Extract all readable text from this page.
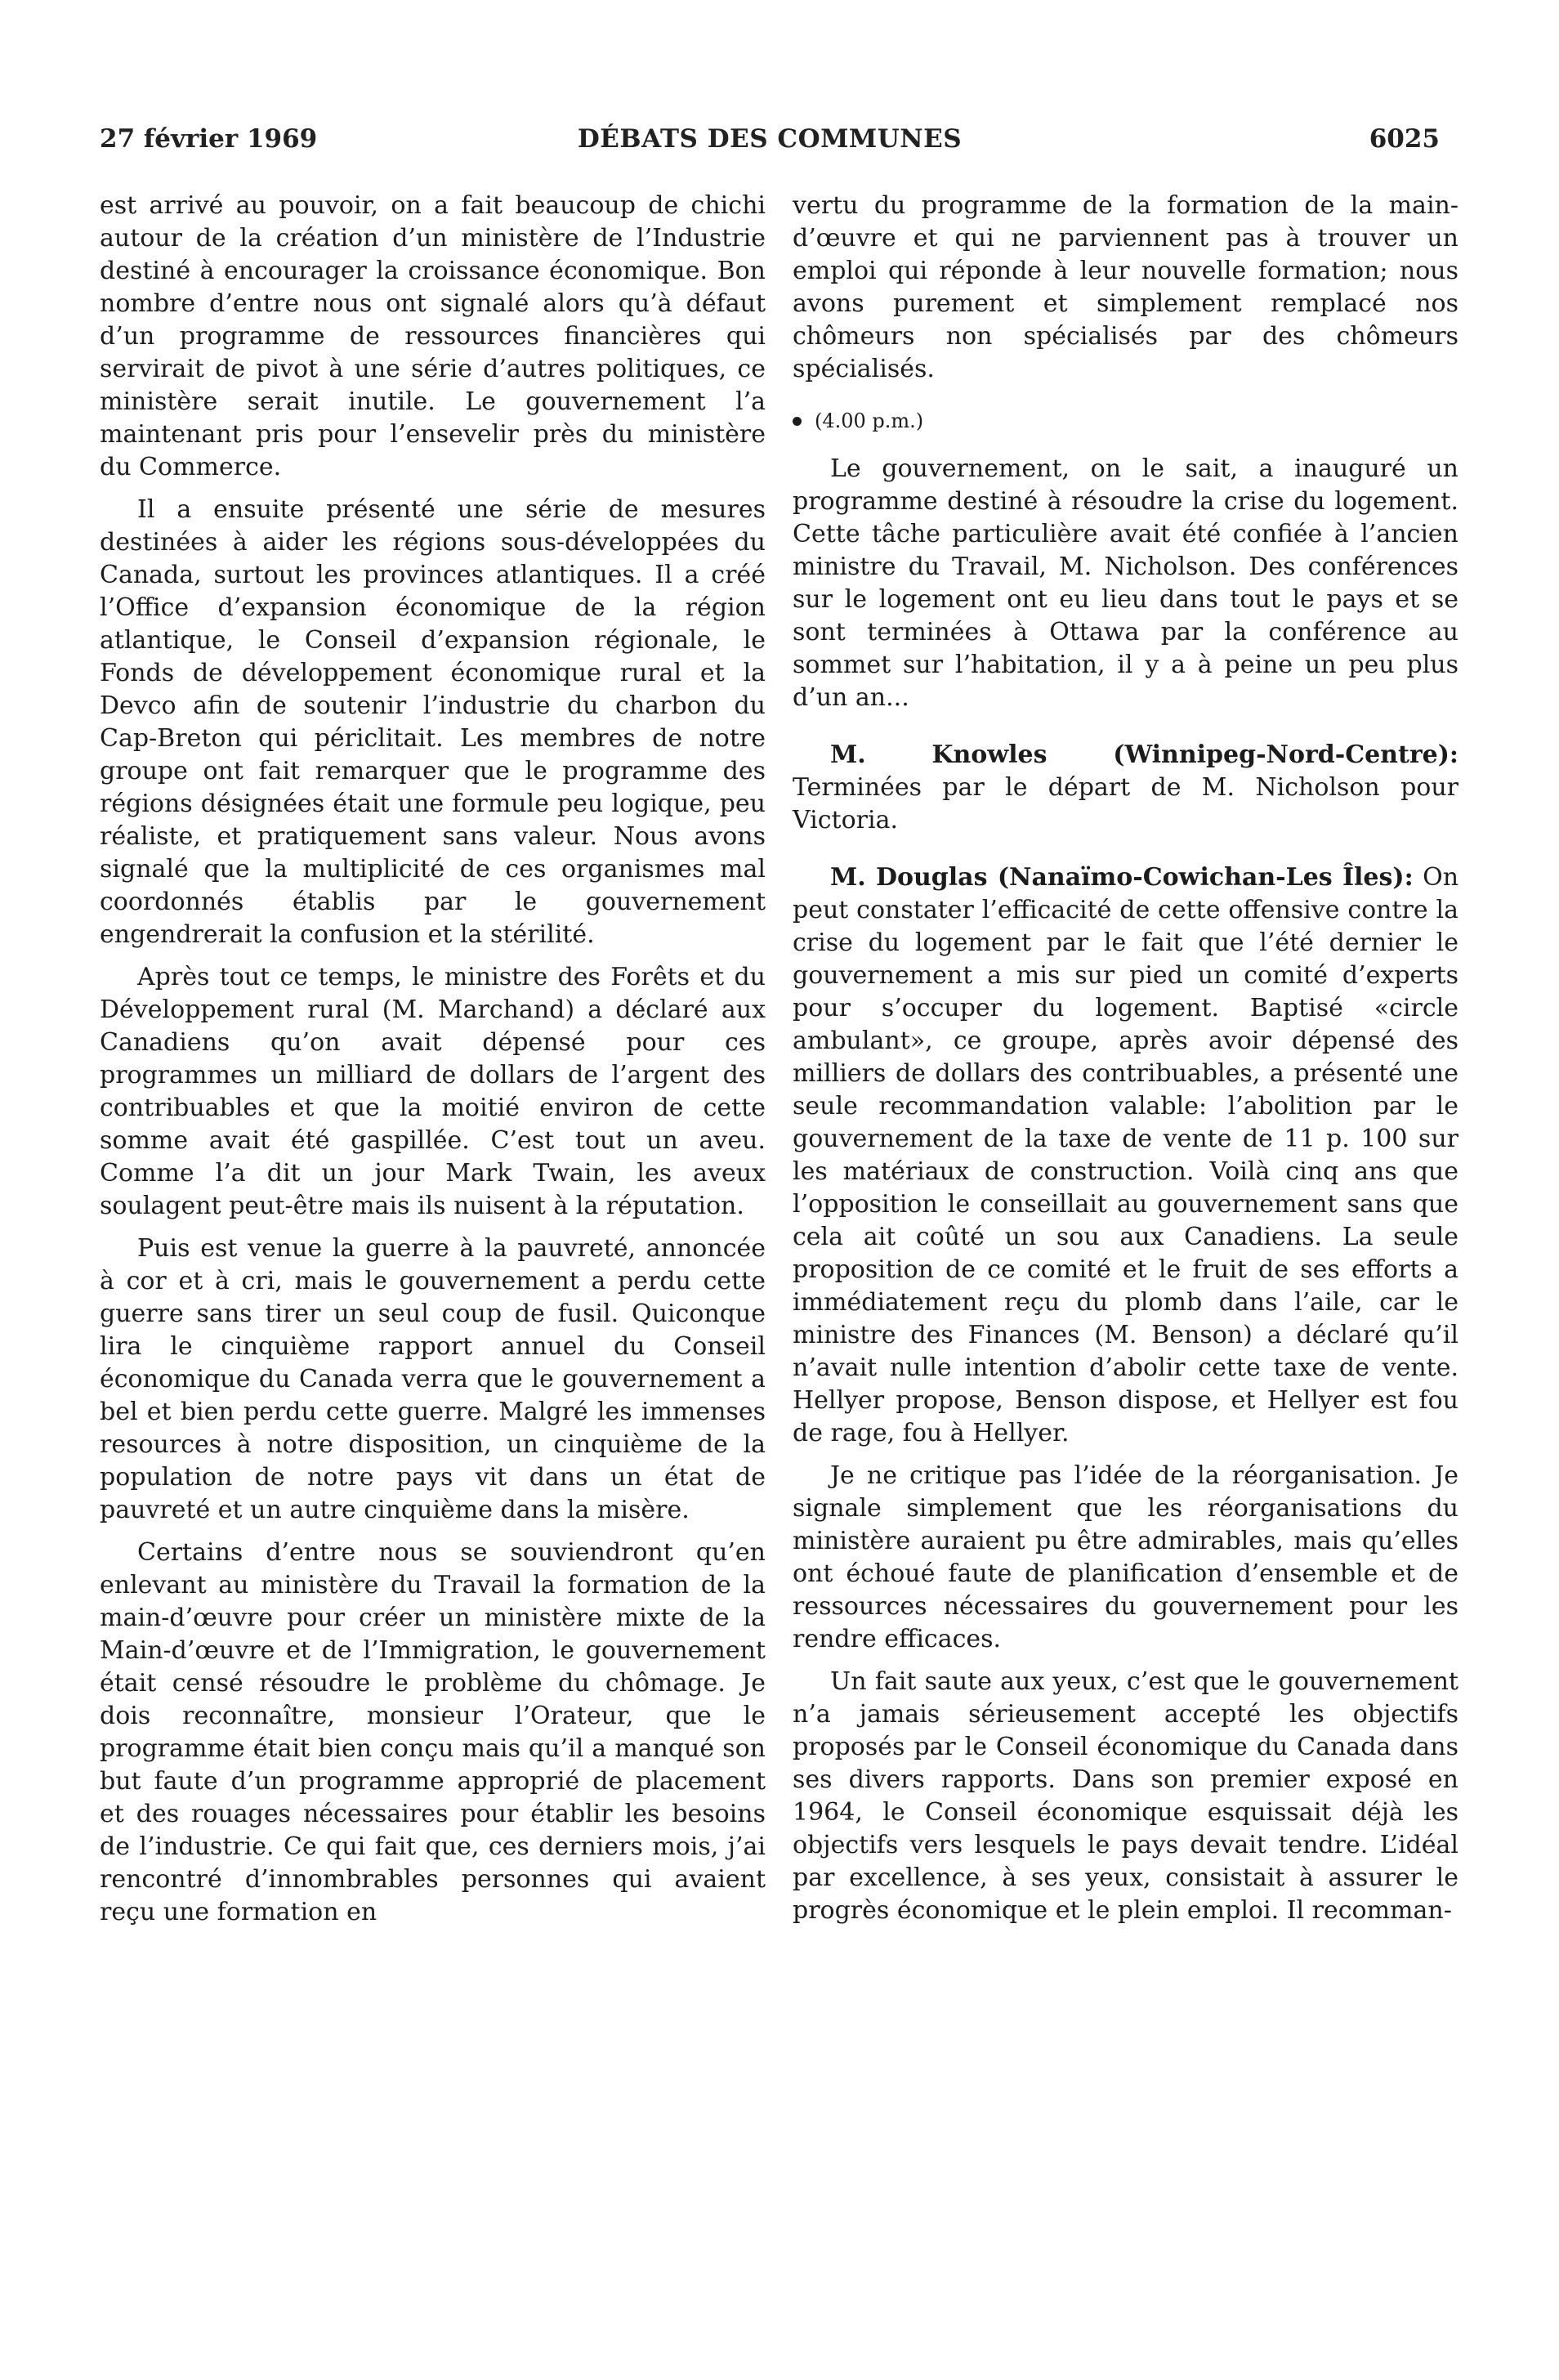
27 février 1969	DÉBATS DES COMMUNES	6025

est arrivé au pouvoir, on a fait beaucoup de chichi autour de la création d’un ministère de l’Industrie destiné à encourager la croissance économique. Bon nombre d’entre nous ont signalé alors qu’à défaut d’un programme de ressources financières qui servirait de pivot à une série d’autres politiques, ce ministère serait inutile. Le gouvernement l’a maintenant pris pour l’ensevelir près du ministère du Commerce.

Il a ensuite présenté une série de mesures destinées à aider les régions sous-développées du Canada, surtout les provinces atlantiques. Il a créé l’Office d’expansion économique de la région atlantique, le Conseil d’expansion régionale, le Fonds de développement économique rural et la Devco afin de soutenir l’industrie du charbon du Cap-Breton qui périclitait. Les membres de notre groupe ont fait remarquer que le programme des régions désignées était une formule peu logique, peu réaliste, et pratiquement sans valeur. Nous avons signalé que la multiplicité de ces organismes mal coordonnés établis par le gouvernement engendrerait la confusion et la stérilité.

Après tout ce temps, le ministre des Forêts et du Développement rural (M. Marchand) a déclaré aux Canadiens qu’on avait dépensé pour ces programmes un milliard de dollars de l’argent des contribuables et que la moitié environ de cette somme avait été gaspillée. C’est tout un aveu. Comme l’a dit un jour Mark Twain, les aveux soulagent peut-être mais ils nuisent à la réputation.

Puis est venue la guerre à la pauvreté, annoncée à cor et à cri, mais le gouvernement a perdu cette guerre sans tirer un seul coup de fusil. Quiconque lira le cinquième rapport annuel du Conseil économique du Canada verra que le gouvernement a bel et bien perdu cette guerre. Malgré les immenses resources à notre disposition, un cinquième de la population de notre pays vit dans un état de pauvreté et un autre cinquième dans la misère.

Certains d’entre nous se souviendront qu’en enlevant au ministère du Travail la formation de la main-d’œuvre pour créer un ministère mixte de la Main-d’œuvre et de l’Immigration, le gouvernement était censé résoudre le problème du chômage. Je dois reconnaître, monsieur l’Orateur, que le programme était bien conçu mais qu’il a manqué son but faute d’un programme approprié de placement et des rouages nécessaires pour établir les besoins de l’industrie. Ce qui fait que, ces derniers mois, j’ai rencontré d’innombrables personnes qui avaient reçu une formation en

vertu du programme de la formation de la main-d’œuvre et qui ne parviennent pas à trouver un emploi qui réponde à leur nouvelle formation; nous avons purement et simplement remplacé nos chômeurs non spécialisés par des chômeurs spécialisés.

(4.00 p.m.)

Le gouvernement, on le sait, a inauguré un programme destiné à résoudre la crise du logement. Cette tâche particulière avait été confiée à l’ancien ministre du Travail, M. Nicholson. Des conférences sur le logement ont eu lieu dans tout le pays et se sont terminées à Ottawa par la conférence au sommet sur l’habitation, il y a à peine un peu plus d’un an...

M. Knowles (Winnipeg-Nord-Centre): Terminées par le départ de M. Nicholson pour Victoria.

M. Douglas (Nanaïmo-Cowichan-Les Îles): On peut constater l’efficacité de cette offensive contre la crise du logement par le fait que l’été dernier le gouvernement a mis sur pied un comité d’experts pour s’occuper du logement. Baptisé «circle ambulant», ce groupe, après avoir dépensé des milliers de dollars des contribuables, a présenté une seule recommandation valable: l’abolition par le gouvernement de la taxe de vente de 11 p. 100 sur les matériaux de construction. Voilà cinq ans que l’opposition le conseillait au gouvernement sans que cela ait coûté un sou aux Canadiens. La seule proposition de ce comité et le fruit de ses efforts a immédiatement reçu du plomb dans l’aile, car le ministre des Finances (M. Benson) a déclaré qu’il n’avait nulle intention d’abolir cette taxe de vente. Hellyer propose, Benson dispose, et Hellyer est fou de rage, fou à Hellyer.

Je ne critique pas l’idée de la réorganisation. Je signale simplement que les réorganisations du ministère auraient pu être admirables, mais qu’elles ont échoué faute de planification d’ensemble et de ressources nécessaires du gouvernement pour les rendre efficaces.

Un fait saute aux yeux, c’est que le gouvernement n’a jamais sérieusement accepté les objectifs proposés par le Conseil économique du Canada dans ses divers rapports. Dans son premier exposé en 1964, le Conseil économique esquissait déjà les objectifs vers lesquels le pays devait tendre. L’idéal par excellence, à ses yeux, consistait à assurer le progrès économique et le plein emploi. Il recomman-
